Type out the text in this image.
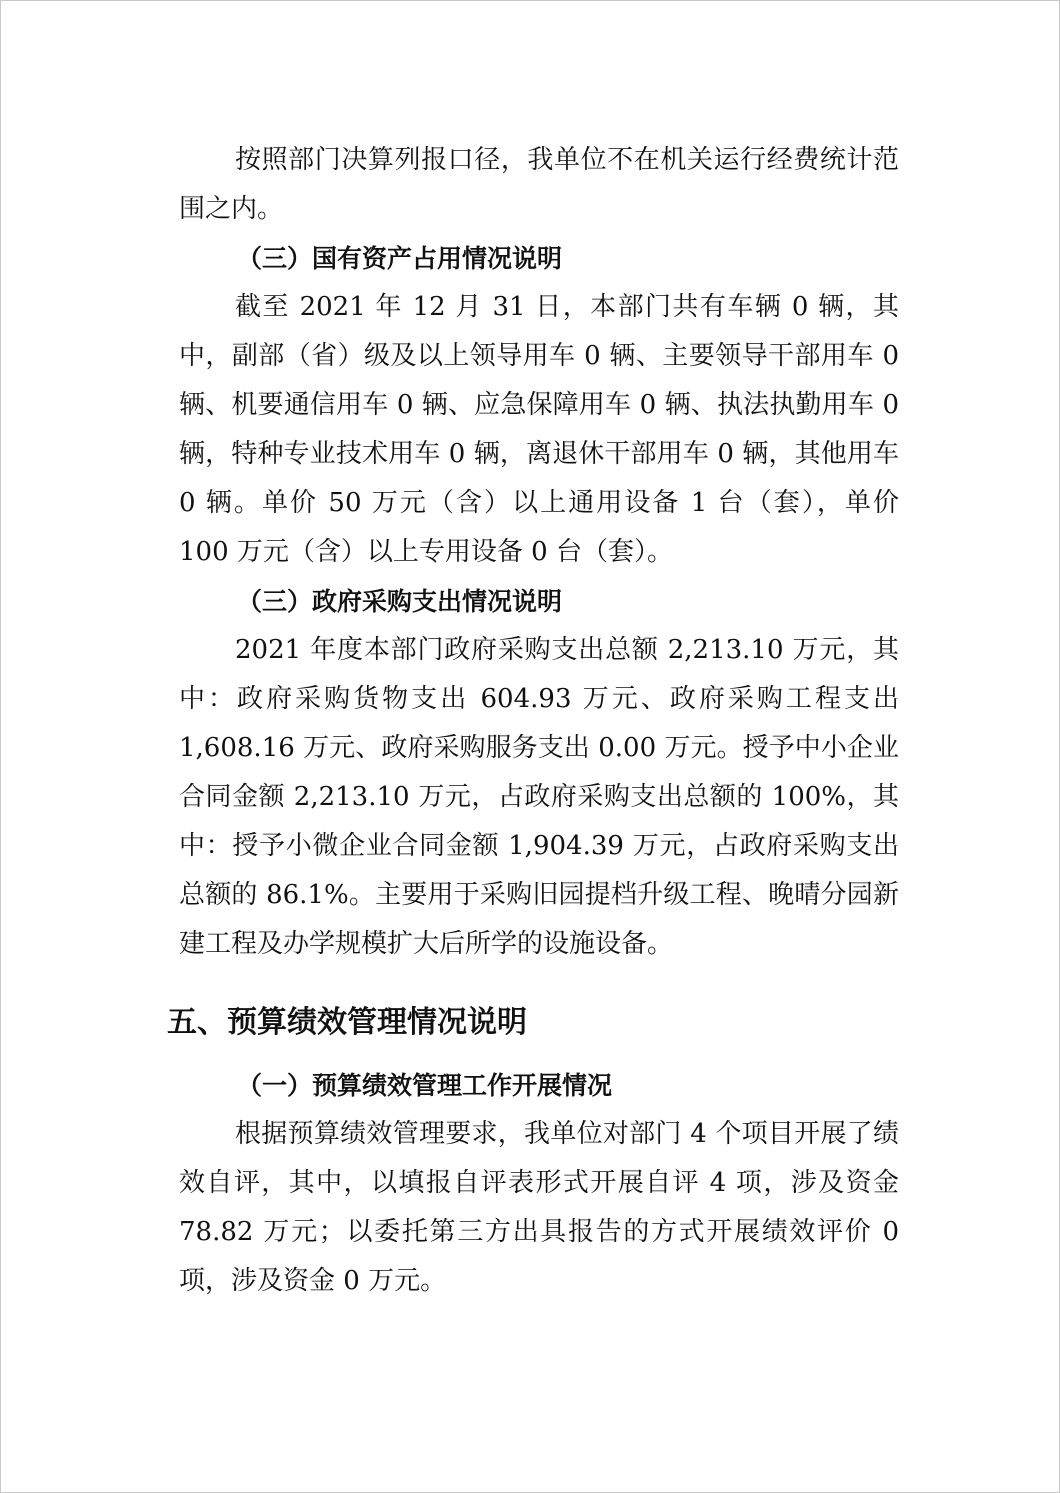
按照部门决算列报口径，我单位不在机关运行经费统计范围之内。

（三）国有资产占用情况说明

截至 2021 年 12 月 31 日，本部门共有车辆 0 辆，其中，副部（省）级及以上领导用车 0 辆、主要领导干部用车 0 辆、机要通信用车 0 辆、应急保障用车 0 辆、执法执勤用车 0 辆，特种专业技术用车 0 辆，离退休干部用车 0 辆，其他用车 0 辆。单价 50 万元（含）以上通用设备 1 台（套），单价 100 万元（含）以上专用设备 0 台（套）。

（三）政府采购支出情况说明

2021 年度本部门政府采购支出总额 2,213.10 万元，其中：政府采购货物支出 604.93 万元、政府采购工程支出 1,608.16 万元、政府采购服务支出 0.00 万元。授予中小企业合同金额 2,213.10 万元，占政府采购支出总额的 100%，其中：授予小微企业合同金额 1,904.39 万元，占政府采购支出总额的 86.1%。主要用于采购旧园提档升级工程、晚晴分园新建工程及办学规模扩大后所学的设施设备。

五、预算绩效管理情况说明

（一）预算绩效管理工作开展情况

根据预算绩效管理要求，我单位对部门 4 个项目开展了绩效自评，其中，以填报自评表形式开展自评 4 项，涉及资金 78.82 万元；以委托第三方出具报告的方式开展绩效评价 0 项，涉及资金 0 万元。
